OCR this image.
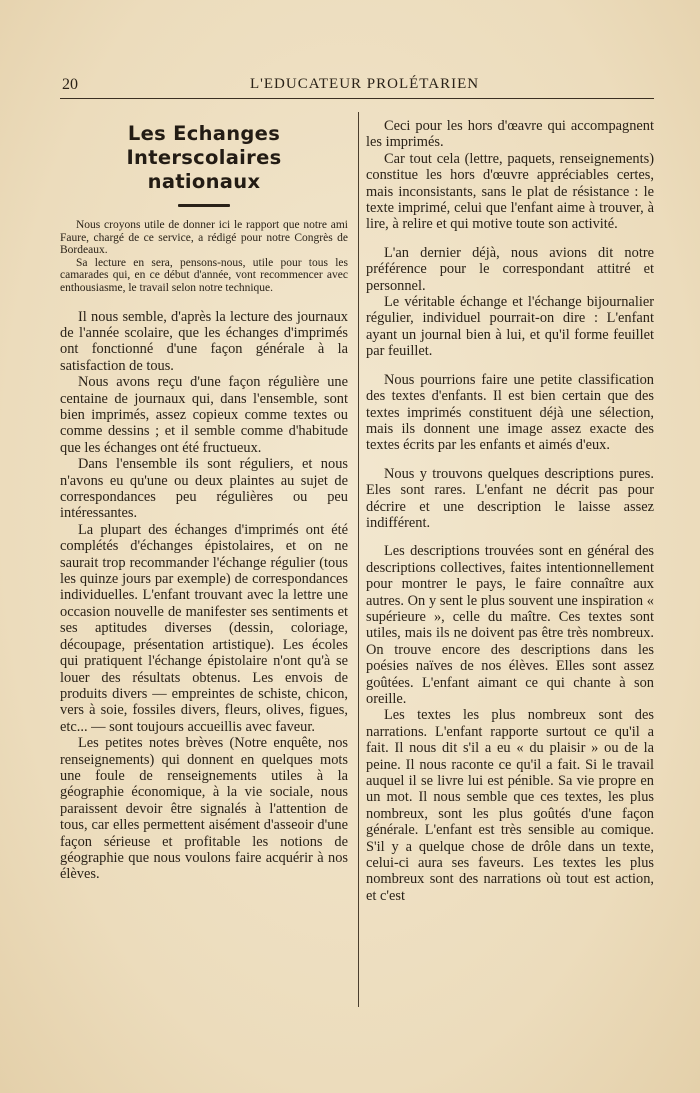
20	L'EDUCATEUR PROLÉTARIEN
Les Echanges Interscolaires
nationaux

Nous croyons utile de donner ici le rapport que notre ami Faure, chargé de ce service, a rédigé pour notre Congrès de Bordeaux.

Sa lecture en sera, pensons-nous, utile pour tous les camarades qui, en ce début d'année, vont recommencer avec enthousiasme, le travail selon notre technique.

Il nous semble, d'après la lecture des journaux de l'année scolaire, que les échanges d'imprimés ont fonctionné d'une façon générale à la satisfaction de tous.

Nous avons reçu d'une façon régulière une centaine de journaux qui, dans l'ensemble, sont bien imprimés, assez copieux comme textes ou comme dessins ; et il semble comme d'habitude que les échanges ont été fructueux.

Dans l'ensemble ils sont réguliers, et nous n'avons eu qu'une ou deux plaintes au sujet de correspondances peu régulières ou peu intéressantes.

La plupart des échanges d'imprimés ont été complétés d'échanges épistolaires, et on ne saurait trop recommander l'échange régulier (tous les quinze jours par exemple) de correspondances individuelles. L'enfant trouvant avec la lettre une occasion nouvelle de manifester ses sentiments et ses aptitudes diverses (dessin, coloriage, découpage, présentation artistique). Les écoles qui pratiquent l'échange épistolaire n'ont qu'à se louer des résultats obtenus. Les envois de produits divers — empreintes de schiste, chicon, vers à soie, fossiles divers, fleurs, olives, figues, etc... — sont toujours accueillis avec faveur.

Les petites notes brèves (Notre enquête, nos renseignements) qui donnent en quelques mots une foule de renseignements utiles à la géographie économique, à la vie sociale, nous paraissent devoir être signalés à l'attention de tous, car elles permettent aisément d'asseoir d'une façon sérieuse et profitable les notions de géographie que nous voulons faire acquérir à nos élèves.

Ceci pour les hors d'œavre qui accompagnent les imprimés.

Car tout cela (lettre, paquets, renseignements) constitue les hors d'œuvre appréciables certes, mais inconsistants, sans le plat de résistance : le texte imprimé, celui que l'enfant aime à trouver, à lire, à relire et qui motive toute son activité.

L'an dernier déjà, nous avions dit notre préférence pour le correspondant attitré et personnel.

Le véritable échange et l'échange bijournalier régulier, individuel pourrait-on dire : L'enfant ayant un journal bien à lui, et qu'il forme feuillet par feuillet.

Nous pourrions faire une petite classification des textes d'enfants. Il est bien certain que des textes imprimés constituent déjà une sélection, mais ils donnent une image assez exacte des textes écrits par les enfants et aimés d'eux.

Nous y trouvons quelques descriptions pures. Eles sont rares. L'enfant ne décrit pas pour décrire et une description le laisse assez indifférent.

Les descriptions trouvées sont en général des descriptions collectives, faites intentionnellement pour montrer le pays, le faire connaître aux autres. On y sent le plus souvent une inspiration « supérieure », celle du maître. Ces textes sont utiles, mais ils ne doivent pas être très nombreux. On trouve encore des descriptions dans les poésies naïves de nos élèves. Elles sont assez goûtées. L'enfant aimant ce qui chante à son oreille.

Les textes les plus nombreux sont des narrations. L'enfant rapporte surtout ce qu'il a fait. Il nous dit s'il a eu « du plaisir » ou de la peine. Il nous raconte ce qu'il a fait. Si le travail auquel il se livre lui est pénible. Sa vie propre en un mot. Il nous semble que ces textes, les plus nombreux, sont les plus goûtés d'une façon générale. L'enfant est très sensible au comique. S'il y a quelque chose de drôle dans un texte, celui-ci aura ses faveurs. Les textes les plus nombreux sont des narrations où tout est action, et c'est
